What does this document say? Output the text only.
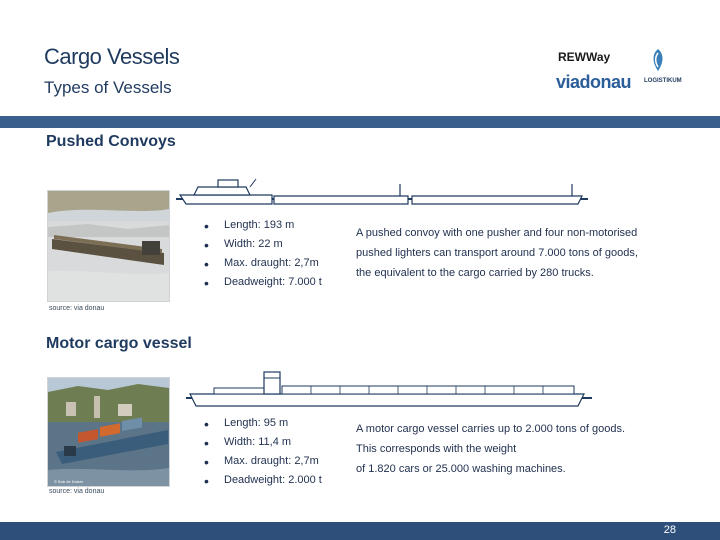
Cargo Vessels
Types of Vessels
REWWay
viadonau LOGISTIKUM
Pushed Convoys
source: via donau
• Length: 193 m
• Width: 22 m
• Max. draught: 2,7m
• Deadweight: 7.000 t
A pushed convoy with one pusher and four non-motorised
pushed lighters can transport around 7.000 tons of goods,
the equivalent to the cargo carried by 280 trucks.
Motor cargo vessel
© Bob de Kaiser
source: via donau
• Length: 95 m
• Width: 11,4 m
• Max. draught: 2,7m
• Deadweight: 2.000 t
A motor cargo vessel carries up to 2.000 tons of goods.
This corresponds with the weight
of 1.820 cars or 25.000 washing machines.
28
